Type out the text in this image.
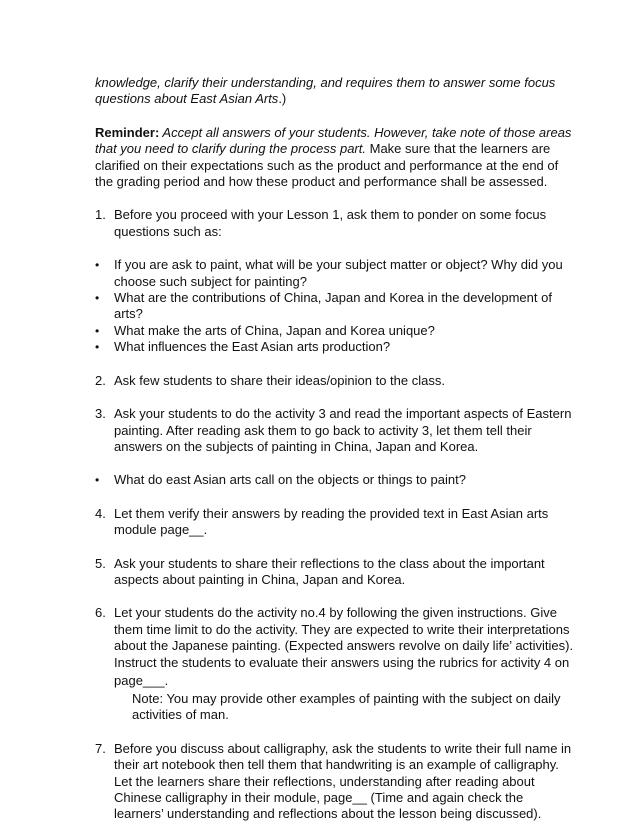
knowledge, clarify their understanding, and requires them to answer some focus questions about East Asian Arts.)

Reminder: Accept all answers of your students. However, take note of those areas that you need to clarify during the process part. Make sure that the learners are clarified on their expectations such as the product and performance at the end of the grading period and how these product and performance shall be assessed.

1. Before you proceed with your Lesson 1, ask them to ponder on some focus questions such as:
•	If you are ask to paint, what will be your subject matter or object? Why did you choose such subject for painting?
•	What are the contributions of China, Japan and Korea in the development of arts?
•	What make the arts of China, Japan and Korea unique?
•	What influences the East Asian arts production?
2. Ask few students to share their ideas/opinion to the class.
3. Ask your students to do the activity 3 and read the important aspects of Eastern painting. After reading ask them to go back to activity 3, let them tell their answers on the subjects of painting in China, Japan and Korea.
•	What do east Asian arts call on the objects or things to paint?
4. Let them verify their answers by reading the provided text in East Asian arts module page__.
5. Ask your students to share their reflections to the class about the important aspects about painting in China, Japan and Korea.
6. Let your students do the activity no.4 by following the given instructions. Give them time limit to do the activity. They are expected to write their interpretations about the Japanese painting. (Expected answers revolve on daily life’ activities). Instruct the students to evaluate their answers using the rubrics for activity 4 on
page___.

Note: You may provide other examples of painting with the subject on daily activities of man.

7. Before you discuss about calligraphy, ask the students to write their full name in their art notebook then tell them that handwriting is an example of calligraphy. Let the learners share their reflections, understanding after reading about Chinese calligraphy in their module, page__ (Time and again check the learners’ understanding and reflections about the lesson being discussed).
